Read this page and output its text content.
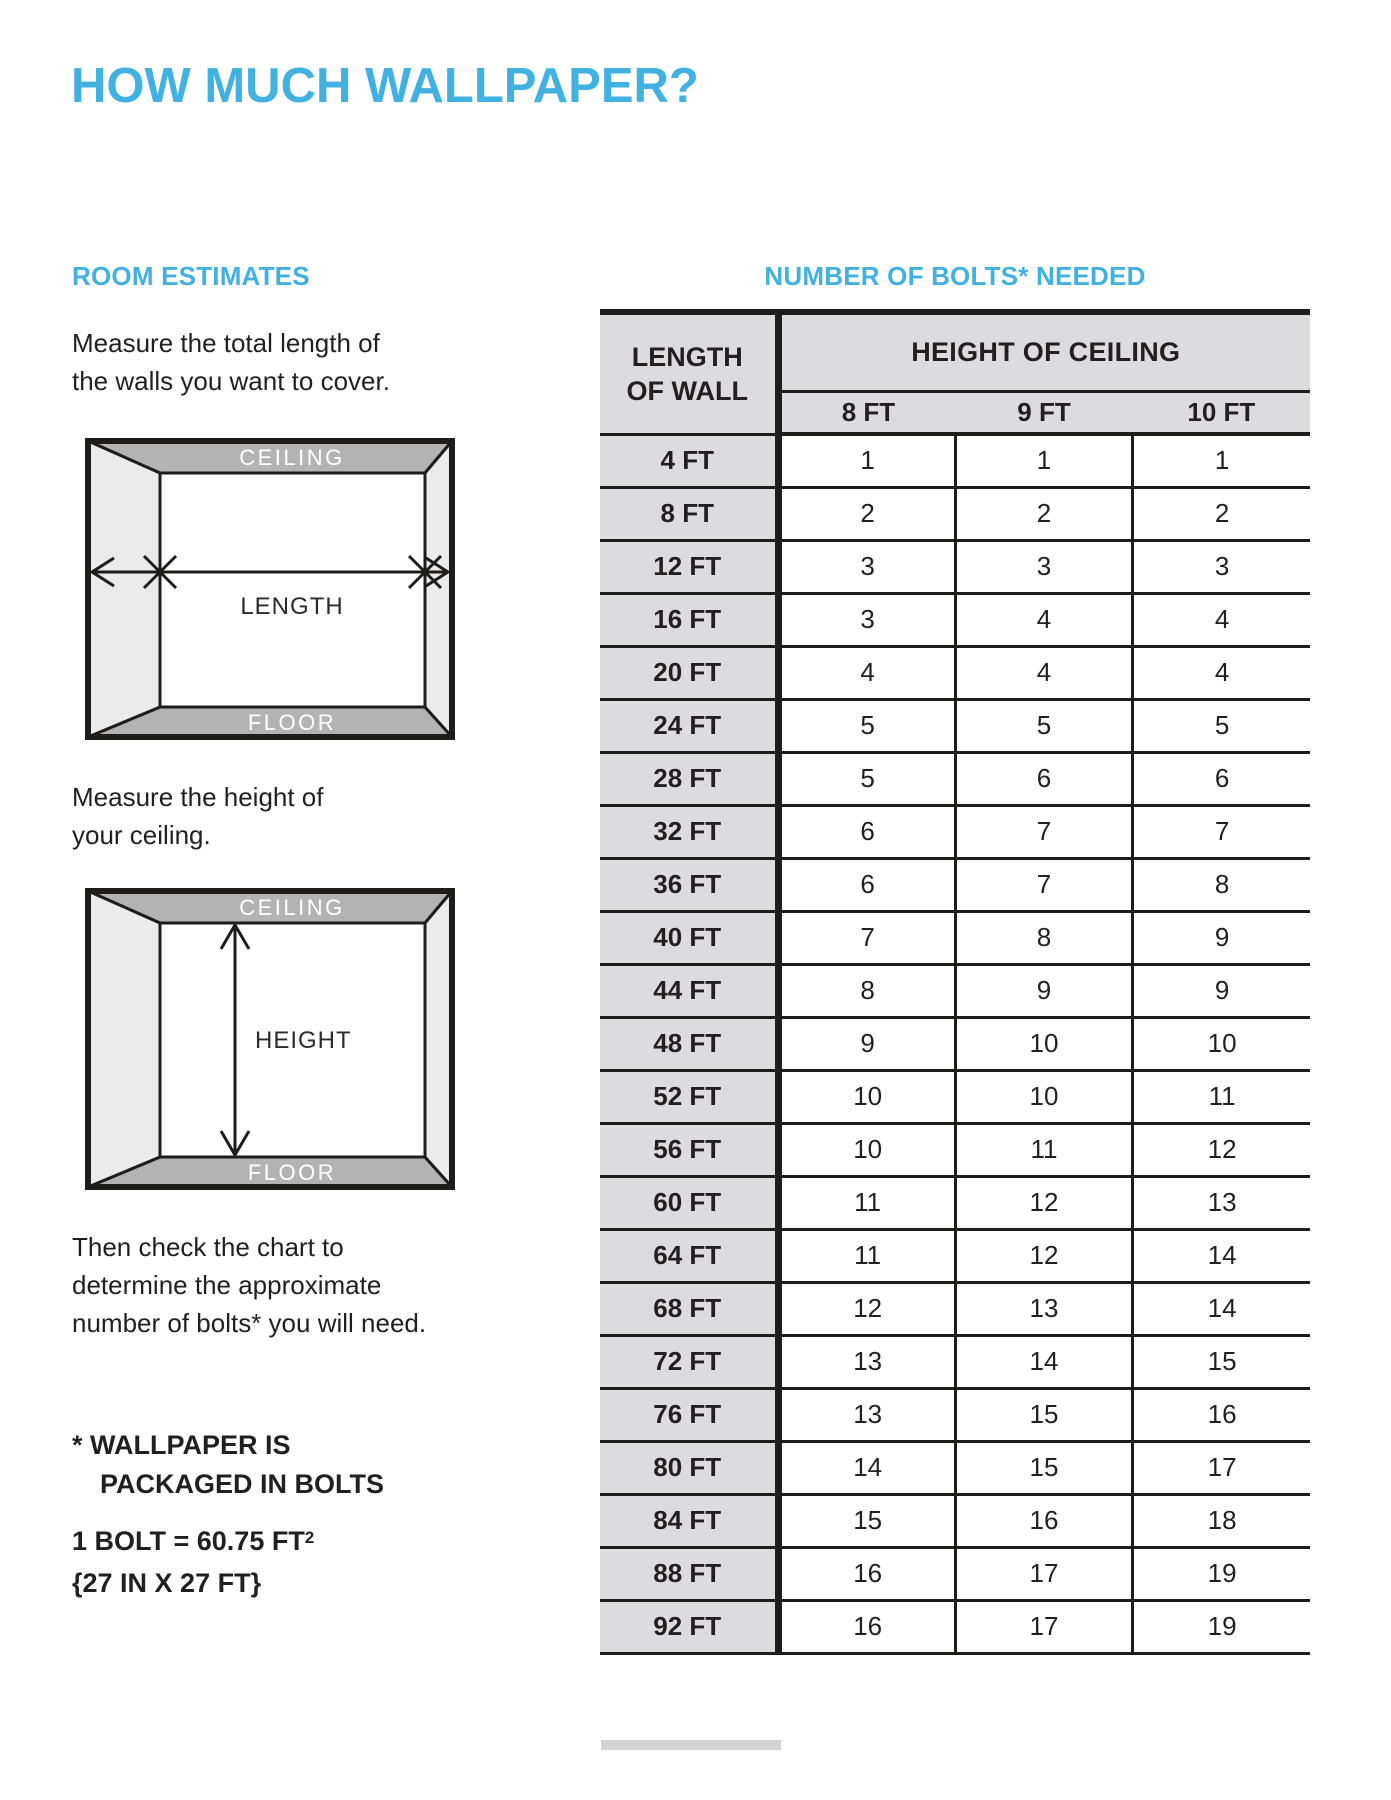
HOW MUCH WALLPAPER?
ROOM ESTIMATES

Measure the total length of
the walls you want to cover.

CEILING
FLOOR
LENGTH

Measure the height of
your ceiling.

CEILING
FLOOR
HEIGHT

Then check the chart to
determine the approximate
number of bolts* you will need.

* WALLPAPER IS
PACKAGED IN BOLTS

1 BOLT = 60.75 $FT^2$
{27 IN X 27 FT}

NUMBER OF BOLTS* NEEDED
LENGTH
OF WALL	HEIGHT OF CEILING		
	8 FT	9 FT	10 FT
4 FT	1	1	1
8 FT	2	2	2
12 FT	3	3	3
16 FT	3	4	4
20 FT	4	4	4
24 FT	5	5	5
28 FT	5	6	6
32 FT	6	7	7
36 FT	6	7	8
40 FT	7	8	9
44 FT	8	9	9
48 FT	9	10	10
52 FT	10	10	11
56 FT	10	11	12
60 FT	11	12	13
64 FT	11	12	14
68 FT	12	13	14
72 FT	13	14	15
76 FT	13	15	16
80 FT	14	15	17
84 FT	15	16	18
88 FT	16	17	19
92 FT	16	17	19
